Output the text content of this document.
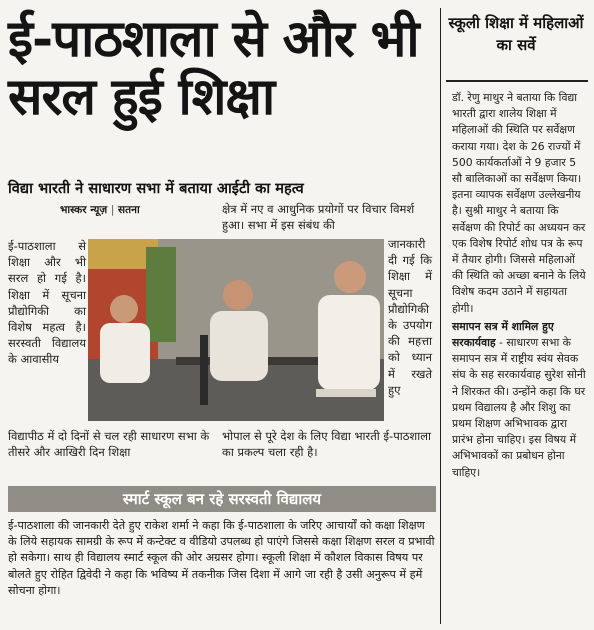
ई-पाठशाला से और भी सरल हुई शिक्षा
विद्या भारती ने साधारण सभा में बताया आईटी का महत्व
भास्कर न्यूज़ | सतना	क्षेत्र में नए व आधुनिक प्रयोगों पर विचार विमर्श हुआ। सभा में इस संबंध की
ई-पाठशाला से शिक्षा और भी सरल हो गई है। शिक्षा में सूचना प्रौद्योगिकी का विशेष महत्व है। सरस्वती विद्यालय के आवासीय
जानकारी दी गई कि शिक्षा में सूचना प्रौद्योगिकी के उपयोग की महत्ता को ध्यान में रखते हुए
विद्यापीठ में दो दिनों से चल रही साधारण सभा के तीसरे और आखिरी दिन शिक्षा
भोपाल से पूरे देश के लिए विद्या भारती ई-पाठशाला का प्रकल्प चला रही है।
स्मार्ट स्कूल बन रहे सरस्वती विद्यालय
ई-पाठशाला की जानकारी देते हुए राकेश शर्मा ने कहा कि ई-पाठशाला के जरिए आचार्यों को कक्षा शिक्षण के लिये सहायक सामग्री के रूप में कन्टेक्ट व वीडियो उपलब्ध हो पाएंगे जिससे कक्षा शिक्षण सरल व प्रभावी हो सकेगा। साथ ही विद्यालय स्मार्ट स्कूल की ओर अग्रसर होगा। स्कूली शिक्षा में कौशल विकास विषय पर बोलते हुए रोहित द्विवेदी ने कहा कि भविष्य में तकनीक जिस दिशा में आगे जा रही है उसी अनुरूप में हमें सोचना होगा।
स्कूली शिक्षा में महिलाओं का सर्वे

डॉ. रेणु माथुर ने बताया कि विद्या भारती द्वारा शालेय शिक्षा में महिलाओं की स्थिति पर सर्वेक्षण कराया गया। देश के 26 राज्यों में 500 कार्यकर्ताओं ने 9 हजार 5 सौ बालिकाओं का सर्वेक्षण किया। इतना व्यापक सर्वेक्षण उल्लेखनीय है। सुश्री माथुर ने बताया कि सर्वेक्षण की रिपोर्ट का अध्ययन कर एक विशेष रिपोर्ट शोध पत्र के रूप में तैयार होगी। जिससे महिलाओं की स्थिति को अच्छा बनाने के लिये विशेष कदम उठाने में सहायता होगी।

समापन सत्र में शामिल हुए सरकार्यवाह - साधारण सभा के समापन सत्र में राष्ट्रीय स्वंय सेवक संघ के सह सरकार्यवाह सुरेश सोनी ने शिरकत की। उन्होंने कहा कि घर प्रथम विद्यालय है और शिशु का प्रथम शिक्षण अभिभावक द्वारा प्रारंभ होना चाहिए। इस विषय में अभिभावकों का प्रबोधन होना चाहिए।
